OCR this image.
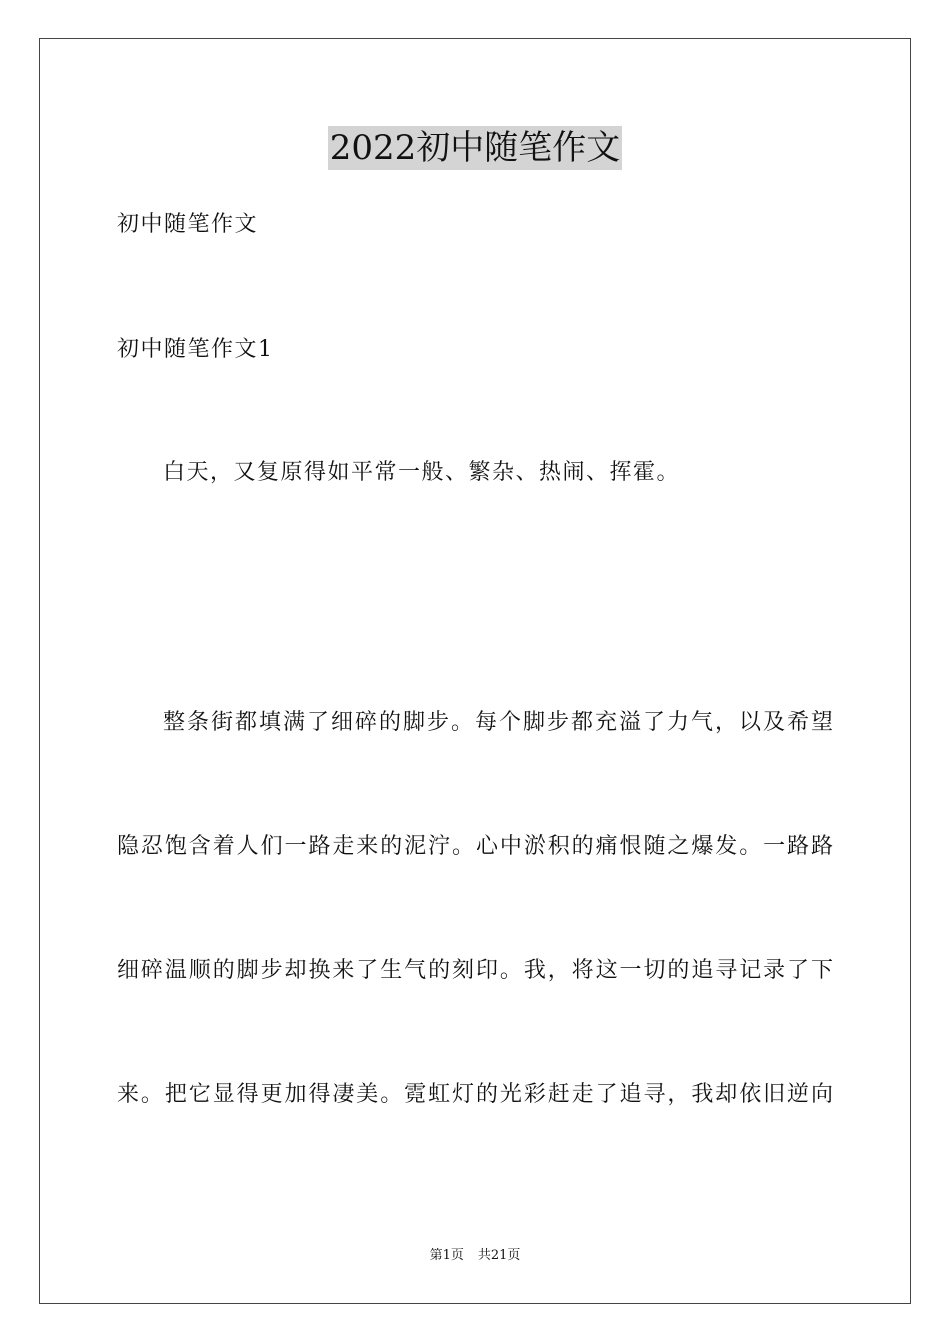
2022初中随笔作文
初中随笔作文
初中随笔作文1
白天，又复原得如平常一般、繁杂、热闹、挥霍。
整条街都填满了细碎的脚步。每个脚步都充溢了力气，以及希望
隐忍饱含着人们一路走来的泥泞。心中淤积的痛恨随之爆发。一路路
细碎温顺的脚步却换来了生气的刻印。我，将这一切的追寻记录了下
来。把它显得更加得凄美。霓虹灯的光彩赶走了追寻，我却依旧逆向
第1页 共21页
